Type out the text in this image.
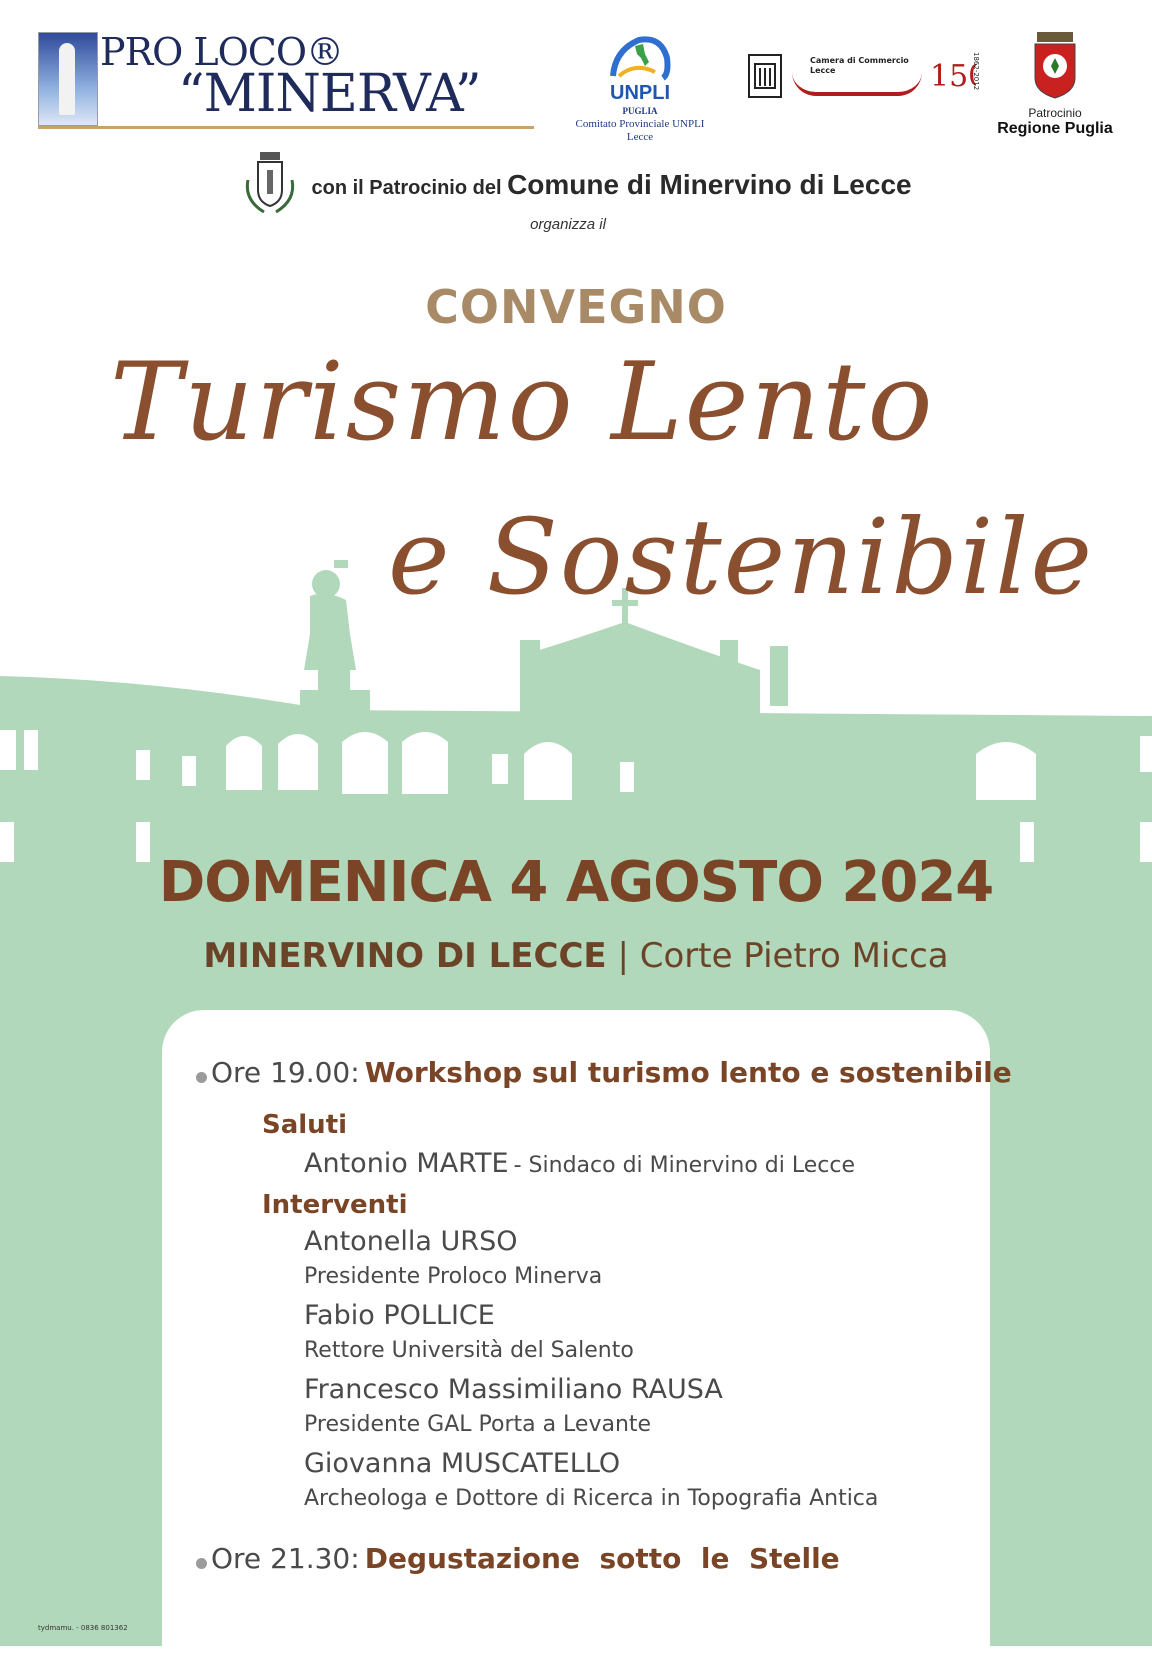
PRO LOCO®
“MINERVA”	UNPLI
PUGLIA
Comitato Provinciale UNPLI
Lecce
Camera di Commercio Lecce	15 1862-2012
Patrocinio
Regione Puglia
con il Patrocinio del Comune di Minervino di Lecce
organizza il
CONVEGNO
Turismo Lento
e Sostenibile
DOMENICA 4 AGOSTO 2024
MINERVINO DI LECCE | Corte Pietro Micca
Ore 19.00: Workshop sul turismo lento e sostenibile
Saluti
Antonio MARTE - Sindaco di Minervino di Lecce
Interventi
Antonella URSO
Presidente Proloco Minerva
Fabio POLLICE
Rettore Università del Salento
Francesco Massimiliano RAUSA
Presidente GAL Porta a Levante
Giovanna MUSCATELLO
Archeologa e Dottore di Ricerca in Topografia Antica
Ore 21.30: Degustazione  sotto  le  Stelle
tydmamu. - 0836 801362
